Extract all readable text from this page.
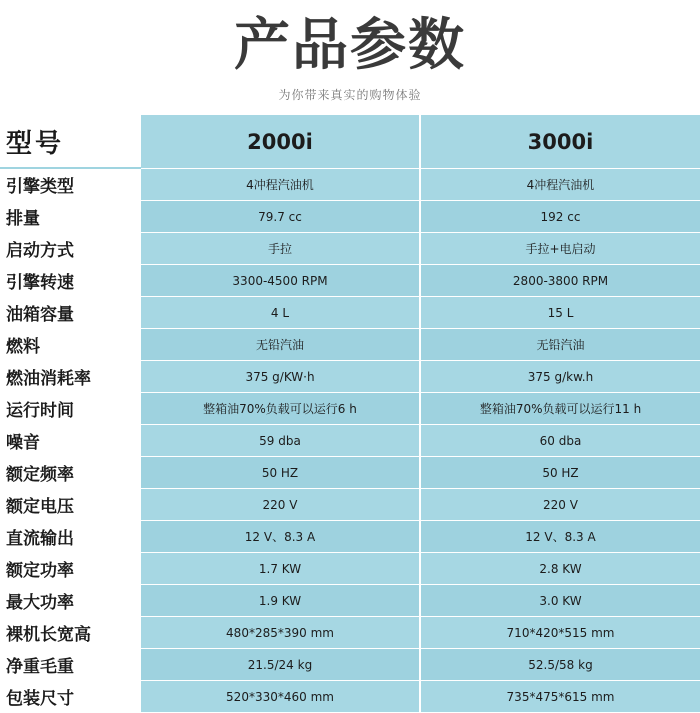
产品参数
为你带来真实的购物体验
型号	2000i	3000i
引擎类型	4冲程汽油机	4冲程汽油机
排量	79.7 cc	192 cc
启动方式	手拉	手拉+电启动
引擎转速	3300-4500 RPM	2800-3800 RPM
油箱容量	4 L	15 L
燃料	无铅汽油	无铅汽油
燃油消耗率	375 g/KW·h	375 g/kw.h
运行时间	整箱油70%负载可以运行6 h	整箱油70%负载可以运行11 h
噪音	59 dba	60 dba
额定频率	50 HZ	50 HZ
额定电压	220 V	220 V
直流输出	12 V、8.3 A	12 V、8.3 A
额定功率	1.7 KW	2.8 KW
最大功率	1.9 KW	3.0 KW
裸机长宽高	480*285*390 mm	710*420*515 mm
净重毛重	21.5/24 kg	52.5/58 kg
包装尺寸	520*330*460 mm	735*475*615 mm
